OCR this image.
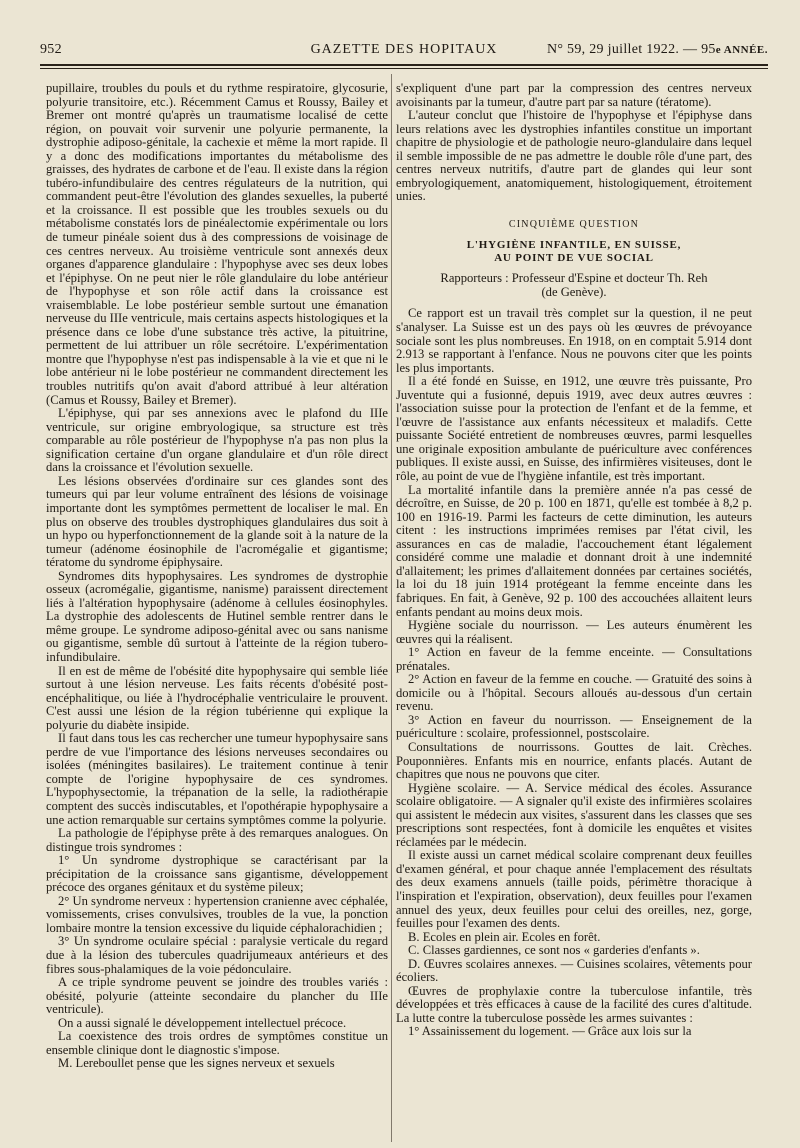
952	GAZETTE DES HOPITAUX	N° 59, 29 juillet 1922. — 95e ANNÉE.

pupillaire, troubles du pouls et du rythme respiratoire, glycosurie, polyurie transitoire, etc.). Récemment Camus et Roussy, Bailey et Bremer ont montré qu'après un traumatisme localisé de cette région, on pouvait voir survenir une polyurie permanente, la dystrophie adiposo-génitale, la cachexie et même la mort rapide. Il y a donc des modifications importantes du métabolisme des graisses, des hydrates de carbone et de l'eau. Il existe dans la région tubéro-infundibulaire des centres régulateurs de la nutrition, qui commandent peut-être l'évolution des glandes sexuelles, la puberté et la croissance. Il est possible que les troubles sexuels ou du métabolisme constatés lors de pinéalectomie expérimentale ou lors de tumeur pinéale soient dus à des compressions de voisinage de ces centres nerveux. Au troisième ventricule sont annexés deux organes d'apparence glandulaire : l'hypophyse avec ses deux lobes et l'épiphyse. On ne peut nier le rôle glandulaire du lobe antérieur de l'hypophyse et son rôle actif dans la croissance est vraisemblable. Le lobe postérieur semble surtout une émanation nerveuse du IIIe ventricule, mais certains aspects histologiques et la présence dans ce lobe d'une substance très active, la pituitrine, permettent de lui attribuer un rôle secrétoire. L'expérimentation montre que l'hypophyse n'est pas indispensable à la vie et que ni le lobe antérieur ni le lobe postérieur ne commandent directement les troubles nutritifs qu'on avait d'abord attribué à leur altération (Camus et Roussy, Bailey et Bremer).

L'épiphyse, qui par ses annexions avec le plafond du IIIe ventricule, sur origine embryologique, sa structure est très comparable au rôle postérieur de l'hypophyse n'a pas non plus la signification certaine d'un organe glandulaire et d'un rôle direct dans la croissance et l'évolution sexuelle.

Les lésions observées d'ordinaire sur ces glandes sont des tumeurs qui par leur volume entraînent des lésions de voisinage importante dont les symptômes permettent de localiser le mal. En plus on observe des troubles dystrophiques glandulaires dus soit à un hypo ou hyperfonctionnement de la glande soit à la nature de la tumeur (adénome éosinophile de l'acromégalie et gigantisme; tératome du syndrome épiphysaire.

Syndromes dits hypophysaires. Les syndromes de dystrophie osseux (acromégalie, gigantisme, nanisme) paraissent directement liés à l'altération hypophysaire (adénome à cellules éosinophyles. La dystrophie des adolescents de Hutinel semble rentrer dans le même groupe. Le syndrome adiposo-génital avec ou sans nanisme ou gigantisme, semble dû surtout à l'atteinte de la région tubero-infundibulaire.

Il en est de même de l'obésité dite hypophysaire qui semble liée surtout à une lésion nerveuse. Les faits récents d'obésité post-encéphalitique, ou liée à l'hydrocéphalie ventriculaire le prouvent. C'est aussi une lésion de la région tubérienne qui explique la polyurie du diabète insipide.

Il faut dans tous les cas rechercher une tumeur hypophysaire sans perdre de vue l'importance des lésions nerveuses secondaires ou isolées (méningites basilaires). Le traitement continue à tenir compte de l'origine hypophysaire de ces syndromes. L'hypophysectomie, la trépanation de la selle, la radiothérapie comptent des succès indiscutables, et l'opothérapie hypophysaire a une action remarquable sur certains symptômes comme la polyurie.

La pathologie de l'épiphyse prête à des remarques analogues. On distingue trois syndromes :

1° Un syndrome dystrophique se caractérisant par la précipitation de la croissance sans gigantisme, développement précoce des organes génitaux et du système pileux;

2° Un syndrome nerveux : hypertension cranienne avec céphalée, vomissements, crises convulsives, troubles de la vue, la ponction lombaire montre la tension excessive du liquide céphalorachidien ;

3° Un syndrome oculaire spécial : paralysie verticale du regard due à la lésion des tubercules quadrijumeaux antérieurs et des fibres sous-phalamiques de la voie pédonculaire.

A ce triple syndrome peuvent se joindre des troubles variés : obésité, polyurie (atteinte secondaire du plancher du IIIe ventricule).

On a aussi signalé le développement intellectuel précoce.

La coexistence des trois ordres de symptômes constitue un ensemble clinique dont le diagnostic s'impose.

M. Lereboullet pense que les signes nerveux et sexuels

s'expliquent d'une part par la compression des centres nerveux avoisinants par la tumeur, d'autre part par sa nature (tératome).

L'auteur conclut que l'histoire de l'hypophyse et l'épiphyse dans leurs relations avec les dystrophies infantiles constitue un important chapitre de physiologie et de pathologie neuro-glandulaire dans lequel il semble impossible de ne pas admettre le double rôle d'une part, des centres nerveux nutritifs, d'autre part de glandes qui leur sont embryologiquement, anatomiquement, histologiquement, étroitement unies.

CINQUIÈME QUESTION
L'HYGIÈNE INFANTILE, EN SUISSE,
AU POINT DE VUE SOCIAL
Rapporteurs : Professeur d'Espine et docteur Th. Reh
(de Genève).

Ce rapport est un travail très complet sur la question, il ne peut s'analyser. La Suisse est un des pays où les œuvres de prévoyance sociale sont les plus nombreuses. En 1918, on en comptait 5.914 dont 2.913 se rapportant à l'enfance. Nous ne pouvons citer que les points les plus importants.

Il a été fondé en Suisse, en 1912, une œuvre très puissante, Pro Juventute qui a fusionné, depuis 1919, avec deux autres œuvres : l'association suisse pour la protection de l'enfant et de la femme, et l'œuvre de l'assistance aux enfants nécessiteux et maladifs. Cette puissante Société entretient de nombreuses œuvres, parmi lesquelles une originale exposition ambulante de puériculture avec conférences publiques. Il existe aussi, en Suisse, des infirmières visiteuses, dont le rôle, au point de vue de l'hygiène infantile, est très important.

La mortalité infantile dans la première année n'a pas cessé de décroître, en Suisse, de 20 p. 100 en 1871, qu'elle est tombée à 8,2 p. 100 en 1916-19. Parmi les facteurs de cette diminution, les auteurs citent : les instructions imprimées remises par l'état civil, les assurances en cas de maladie, l'accouchement étant légalement considéré comme une maladie et donnant droit à une indemnité d'allaitement; les primes d'allaitement données par certaines sociétés, la loi du 18 juin 1914 protégeant la femme enceinte dans les fabriques. En fait, à Genève, 92 p. 100 des accouchées allaitent leurs enfants pendant au moins deux mois.

Hygiène sociale du nourrisson. — Les auteurs énumèrent les œuvres qui la réalisent.

1° Action en faveur de la femme enceinte. — Consultations prénatales.

2° Action en faveur de la femme en couche. — Gratuité des soins à domicile ou à l'hôpital. Secours alloués au-dessous d'un certain revenu.

3° Action en faveur du nourrisson. — Enseignement de la puériculture : scolaire, professionnel, postscolaire.

Consultations de nourrissons. Gouttes de lait. Crèches. Pouponnières. Enfants mis en nourrice, enfants placés. Autant de chapitres que nous ne pouvons que citer.

Hygiène scolaire. — A. Service médical des écoles. Assurance scolaire obligatoire. — A signaler qu'il existe des infirmières scolaires qui assistent le médecin aux visites, s'assurent dans les classes que ses prescriptions sont respectées, font à domicile les enquêtes et visites réclamées par le médecin.

Il existe aussi un carnet médical scolaire comprenant deux feuilles d'examen général, et pour chaque année l'emplacement des résultats des deux examens annuels (taille poids, périmètre thoracique à l'inspiration et l'expiration, observation), deux feuilles pour l'examen annuel des yeux, deux feuilles pour celui des oreilles, nez, gorge, feuilles pour l'examen des dents.

B. Ecoles en plein air. Ecoles en forêt.

C. Classes gardiennes, ce sont nos « garderies d'enfants ».

D. Œuvres scolaires annexes. — Cuisines scolaires, vêtements pour écoliers.

Œuvres de prophylaxie contre la tuberculose infantile, très développées et très efficaces à cause de la facilité des cures d'altitude. La lutte contre la tuberculose possède les armes suivantes :

1° Assainissement du logement. — Grâce aux lois sur la
